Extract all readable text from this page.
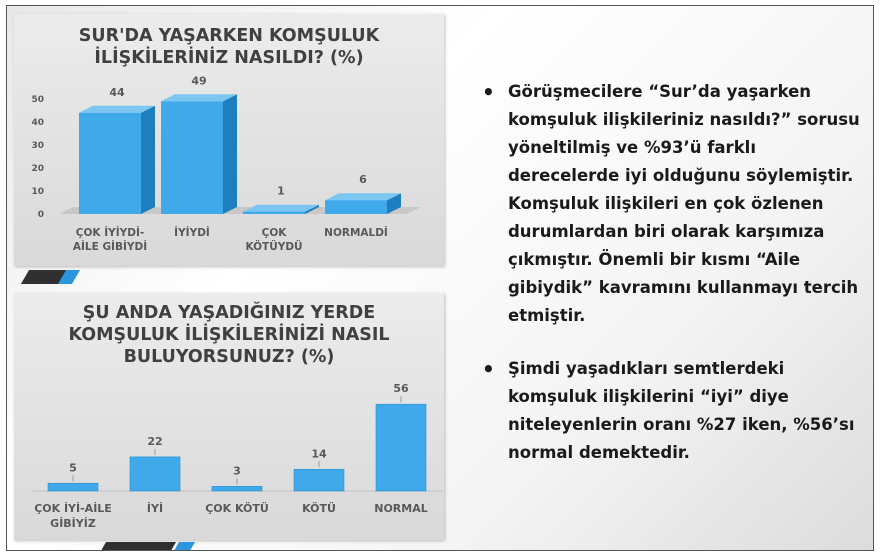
SUR'DA YAŞARKEN KOMŞULUK
İLİŞKİLERİNİZ NASILDI? (%)
0
10
20
30
40
50
44
ÇOK İYİYDİ-AİLE GİBİYDİ
49
İYİYDİ
1
ÇOK KÖTÜYDÜ
6
NORMALDİ
ŞU ANDA YAŞADIĞINIZ YERDE
KOMŞULUK İLİŞKİLERİNİZİ NASIL
BULUYORSUNUZ? (%)
5
ÇOK İYİ-AİLE GİBİYİZ
22
İYİ
3
ÇOK KÖTÜ
14
KÖTÜ
56
NORMAL
• Görüşmecilere “Sur’da yaşarken komşuluk ilişkileriniz nasıldı?” sorusu yöneltilmiş ve %93’ü farklı derecelerde iyi olduğunu söylemiştir. Komşuluk ilişkileri en çok özlenen durumlardan biri olarak karşımıza çıkmıştır. Önemli bir kısmı “Aile gibiydik” kavramını kullanmayı tercih etmiştir.
• Şimdi yaşadıkları semtlerdeki komşuluk ilişkilerini “iyi” diye niteleyenlerin oranı %27 iken, %56’sı normal demektedir.
